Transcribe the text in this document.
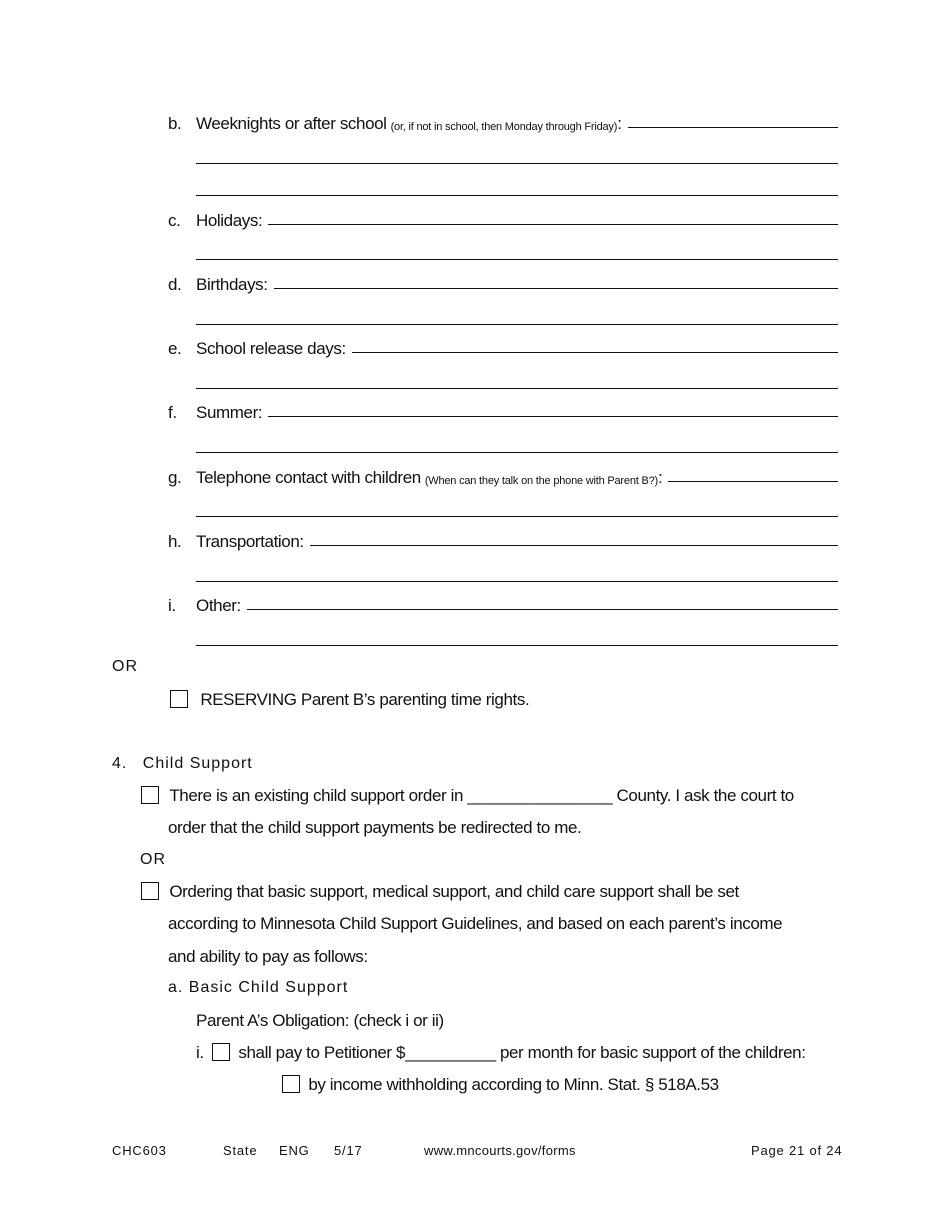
b. Weeknights or after school (or, if not in school, then Monday through Friday) :
c. Holidays:
d. Birthdays:
e. School release days:
f.	Summer:
g. Telephone contact with children (When can they talk on the phone with Parent B?) :
h. Transportation:
i.	Other:
OR
RESERVING Parent B’s parenting time rights.
4. Child Support
There is an existing child support order in ________________ County. I ask the court to
order that the child support payments be redirected to me.
OR
Ordering that basic support, medical support, and child care support shall be set
according to Minnesota Child Support Guidelines, and based on each parent’s income
and ability to pay as follows:
a. Basic Child Support
Parent A’s Obligation: (check i or ii)
i. shall pay to Petitioner $__________ per month for basic support of the children:
by income withholding according to Minn. Stat. § 518A.53
CHC603	State ENG 5/17	www.mncourts.gov/forms	Page 21 of 24
